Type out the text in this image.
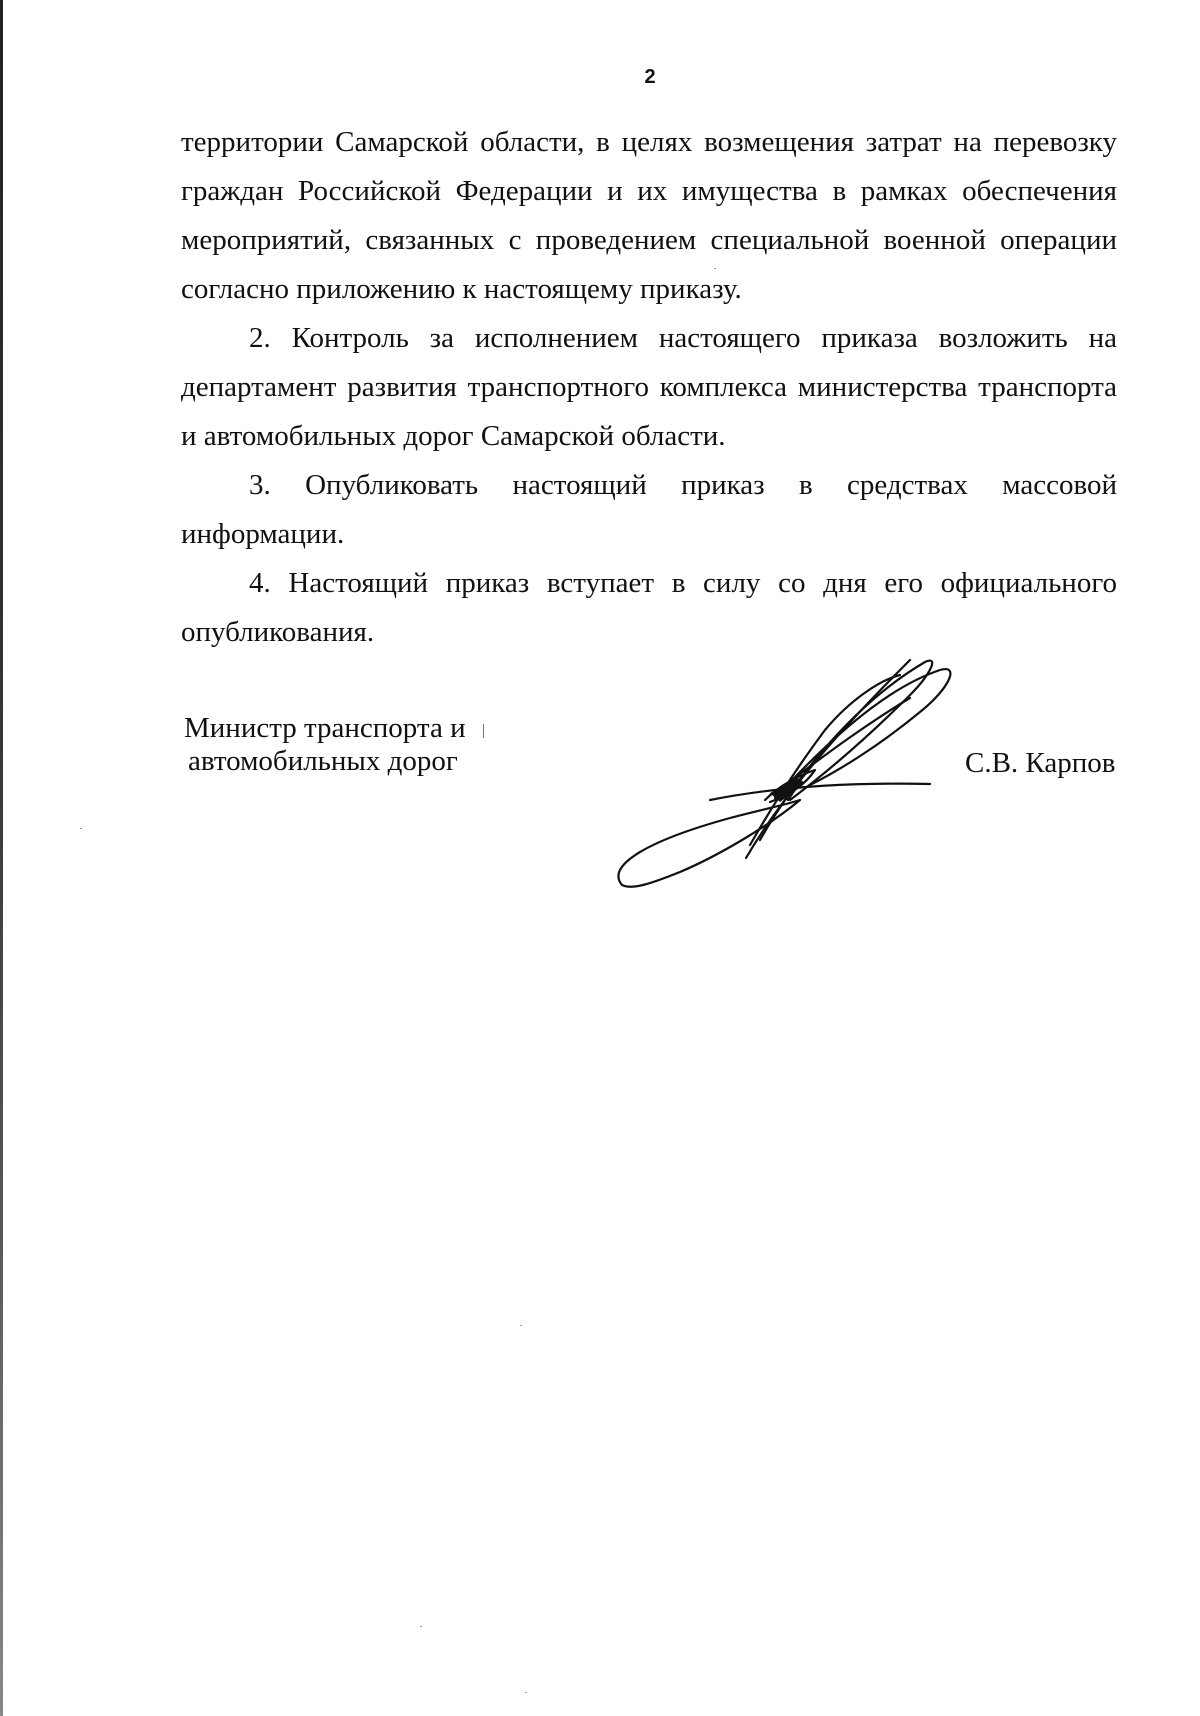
2

территории Самарской области, в целях возмещения затрат на перевозку граждан Российской Федерации и их имущества в рамках обеспечения мероприятий, связанных с проведением специальной военной операции согласно приложению к настоящему приказу.

2. Контроль за исполнением настоящего приказа возложить на департамент развития транспортного комплекса министерства транспорта и автомобильных дорог Самарской области.

3. Опубликовать настоящий приказ в средствах массовой информации.

4. Настоящий приказ вступает в силу со дня его официального опубликования.

Министр транспорта и
автомобильных дорог	С.В. Карпов
